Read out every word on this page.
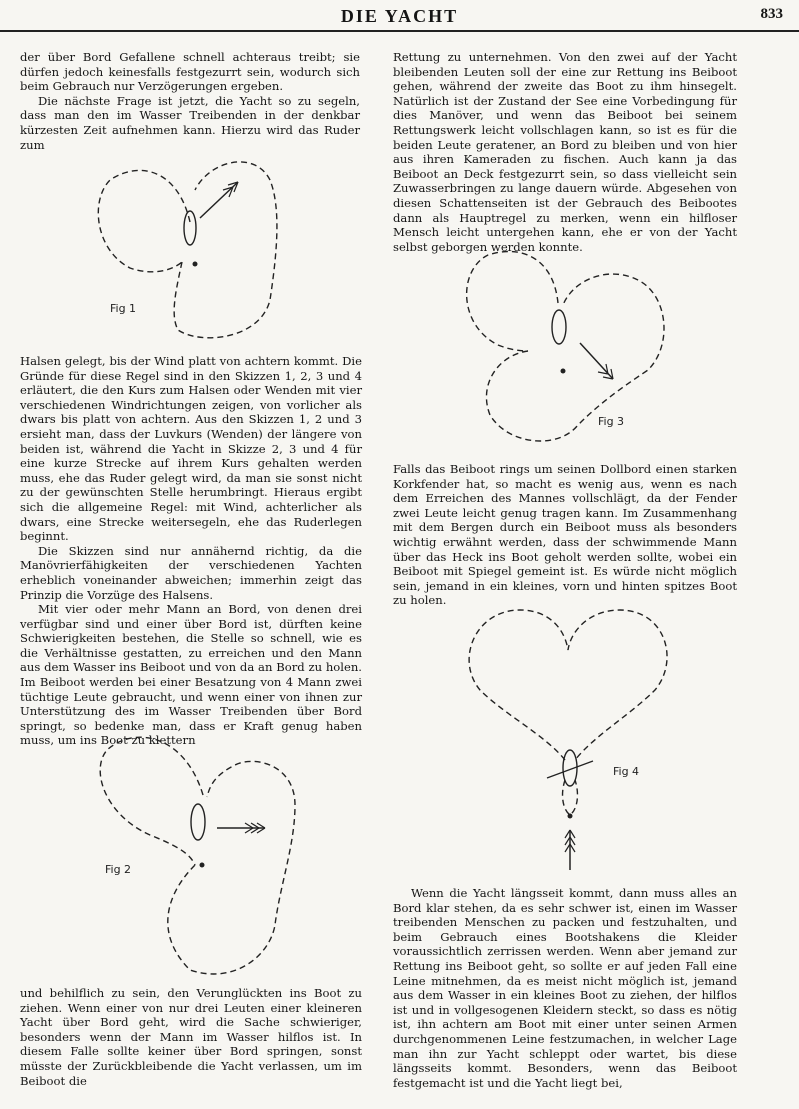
DIE YACHT	833

der über Bord Gefallene schnell achteraus treibt; sie dürfen jedoch keinesfalls festgezurrt sein, wodurch sich beim Gebrauch nur Verzögerungen ergeben.

Die nächste Frage ist jetzt, die Yacht so zu segeln, dass man den im Wasser Treibenden in der denkbar kürzesten Zeit aufnehmen kann. Hierzu wird das Ruder zum

Fig 1

Halsen gelegt, bis der Wind platt von achtern kommt. Die Gründe für diese Regel sind in den Skizzen 1, 2, 3 und 4 erläutert, die den Kurs zum Halsen oder Wenden mit vier verschiedenen Windrichtungen zeigen, von vorlicher als dwars bis platt von achtern. Aus den Skizzen 1, 2 und 3 ersieht man, dass der Luvkurs (Wenden) der längere von beiden ist, während die Yacht in Skizze 2, 3 und 4 für eine kurze Strecke auf ihrem Kurs gehalten werden muss, ehe das Ruder gelegt wird, da man sie sonst nicht zu der gewünschten Stelle herumbringt. Hieraus ergibt sich die allgemeine Regel: mit Wind, achterlicher als dwars, eine Strecke weitersegeln, ehe das Ruderlegen beginnt.

Die Skizzen sind nur annähernd richtig, da die Manövrierfähigkeiten der verschiedenen Yachten erheblich voneinander abweichen; immerhin zeigt das Prinzip die Vorzüge des Halsens.

Mit vier oder mehr Mann an Bord, von denen drei verfügbar sind und einer über Bord ist, dürften keine Schwierigkeiten bestehen, die Stelle so schnell, wie es die Verhältnisse gestatten, zu erreichen und den Mann aus dem Wasser ins Beiboot und von da an Bord zu holen. Im Beiboot werden bei einer Besatzung von 4 Mann zwei tüchtige Leute gebraucht, und wenn einer von ihnen zur Unterstützung des im Wasser Treibenden über Bord springt, so bedenke man, dass er Kraft genug haben muss, um ins Boot zu klettern

Fig 2

und behilflich zu sein, den Verunglückten ins Boot zu ziehen. Wenn einer von nur drei Leuten einer kleineren Yacht über Bord geht, wird die Sache schwieriger, besonders wenn der Mann im Wasser hilflos ist. In diesem Falle sollte keiner über Bord springen, sonst müsste der Zurückbleibende die Yacht verlassen, um im Beiboot die

Rettung zu unternehmen. Von den zwei auf der Yacht bleibenden Leuten soll der eine zur Rettung ins Beiboot gehen, während der zweite das Boot zu ihm hinsegelt. Natürlich ist der Zustand der See eine Vorbedingung für dies Manöver, und wenn das Beiboot bei seinem Rettungswerk leicht vollschlagen kann, so ist es für die beiden Leute geratener, an Bord zu bleiben und von hier aus ihren Kameraden zu fischen. Auch kann ja das Beiboot an Deck festgezurrt sein, so dass vielleicht sein Zuwasserbringen zu lange dauern würde. Abgesehen von diesen Schattenseiten ist der Gebrauch des Beibootes dann als Hauptregel zu merken, wenn ein hilfloser Mensch leicht untergehen kann, ehe er von der Yacht selbst geborgen werden konnte.

Fig 3

Falls das Beiboot rings um seinen Dollbord einen starken Korkfender hat, so macht es wenig aus, wenn es nach dem Erreichen des Mannes vollschlägt, da der Fender zwei Leute leicht genug tragen kann. Im Zusammenhang mit dem Bergen durch ein Beiboot muss als besonders wichtig erwähnt werden, dass der schwimmende Mann über das Heck ins Boot geholt werden sollte, wobei ein Beiboot mit Spiegel gemeint ist. Es würde nicht möglich sein, jemand in ein kleines, vorn und hinten spitzes Boot zu holen.

Fig 4

Wenn die Yacht längsseit kommt, dann muss alles an Bord klar stehen, da es sehr schwer ist, einen im Wasser treibenden Menschen zu packen und festzuhalten, und beim Gebrauch eines Bootshakens die Kleider voraussichtlich zerrissen werden. Wenn aber jemand zur Rettung ins Beiboot geht, so sollte er auf jeden Fall eine Leine mitnehmen, da es meist nicht möglich ist, jemand aus dem Wasser in ein kleines Boot zu ziehen, der hilflos ist und in vollgesogenen Kleidern steckt, so dass es nötig ist, ihn achtern am Boot mit einer unter seinen Armen durchgenommenen Leine festzumachen, in welcher Lage man ihn zur Yacht schleppt oder wartet, bis diese längsseits kommt. Besonders, wenn das Beiboot festgemacht ist und die Yacht liegt bei,
